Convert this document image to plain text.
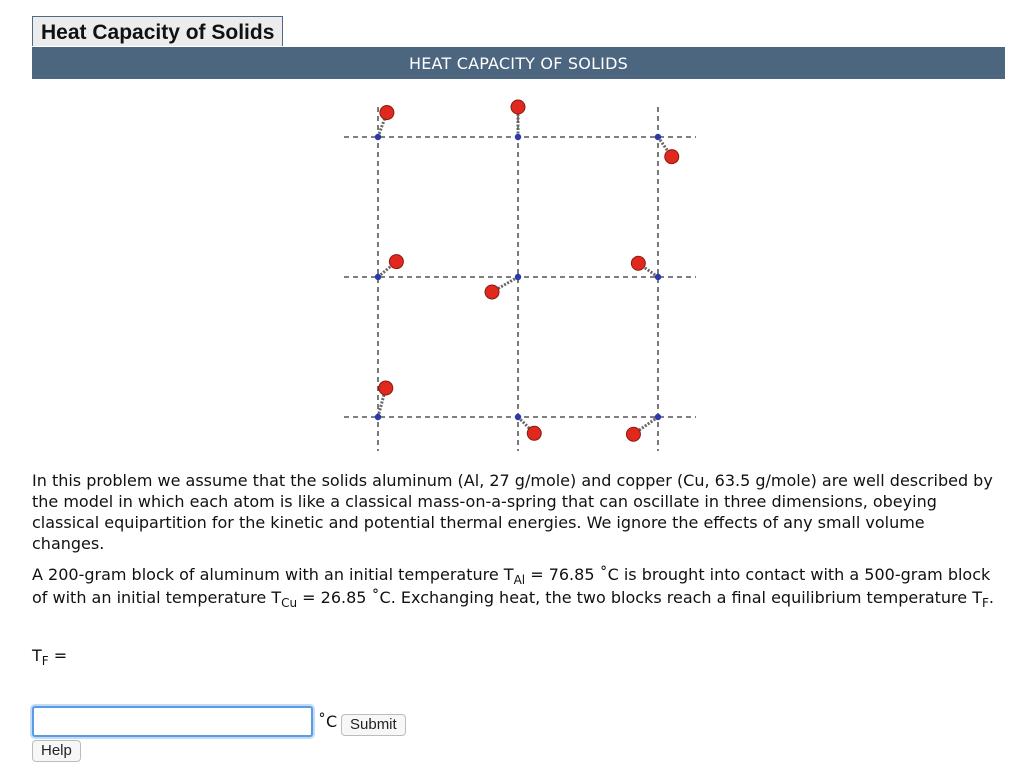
Heat Capacity of Solids
HEAT CAPACITY OF SOLIDS
In this problem we assume that the solids aluminum (Al, 27 g/mole) and copper (Cu, 63.5 g/mole) are well described by the model in which each atom is like a classical mass-on-a-spring that can oscillate in three dimensions, obeying classical equipartition for the kinetic and potential thermal energies. We ignore the effects of any small volume changes.
A 200-gram block of aluminum with an initial temperature $T_{Al} = 76.85$ ˚C is brought into contact with a 500-gram block of with an initial temperature $T_{Cu} = 26.85$ ˚C. Exchanging heat, the two blocks reach a final equilibrium temperature $T_F$.
$T_F$ =
˚C Submit
Help
